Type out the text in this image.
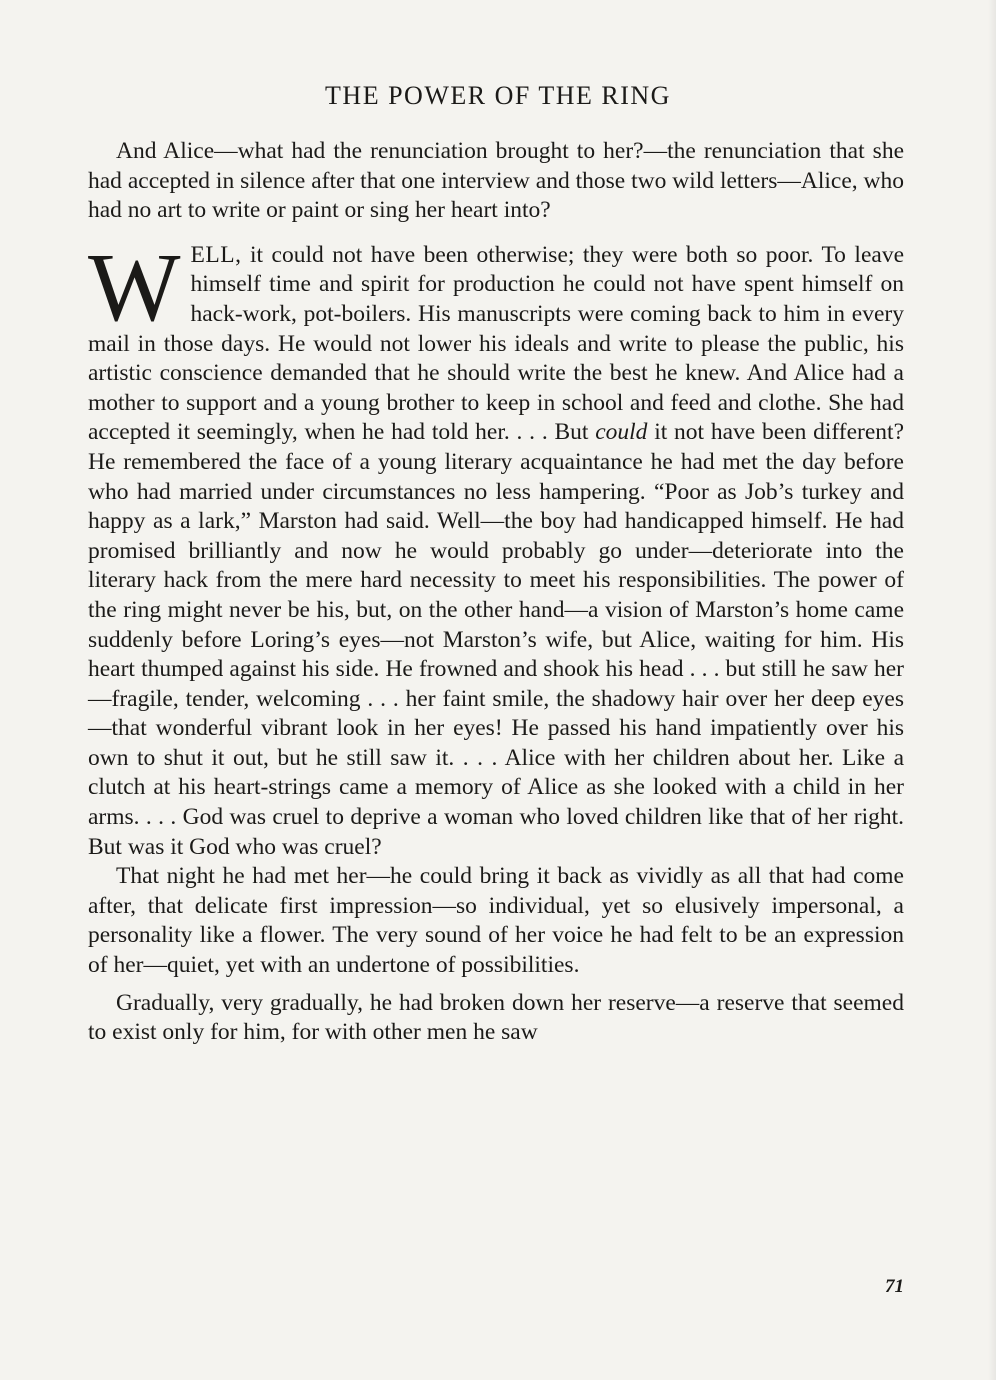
THE POWER OF THE RING

And Alice—what had the renunciation brought to her?—the renunciation that she had accepted in silence after that one interview and those two wild letters—Alice, who had no art to write or paint or sing her heart into?

WELL, it could not have been otherwise; they were both so poor. To leave himself time and spirit for production he could not have spent himself on hack-work, pot-boilers. His manuscripts were coming back to him in every mail in those days. He would not lower his ideals and write to please the public, his artistic conscience demanded that he should write the best he knew. And Alice had a mother to support and a young brother to keep in school and feed and clothe. She had accepted it seemingly, when he had told her. . . . But could it not have been different? He remembered the face of a young literary acquaintance he had met the day before who had married under circumstances no less hampering. “Poor as Job’s turkey and happy as a lark,” Marston had said. Well—the boy had handicapped himself. He had promised brilliantly and now he would probably go under—deteriorate into the literary hack from the mere hard necessity to meet his responsibilities. The power of the ring might never be his, but, on the other hand—a vision of Marston’s home came suddenly before Loring’s eyes—not Marston’s wife, but Alice, waiting for him. His heart thumped against his side. He frowned and shook his head . . . but still he saw her—fragile, tender, welcoming . . . her faint smile, the shadowy hair over her deep eyes—that wonderful vibrant look in her eyes! He passed his hand impatiently over his own to shut it out, but he still saw it. . . . Alice with her children about her. Like a clutch at his heart-strings came a memory of Alice as she looked with a child in her arms. . . . God was cruel to deprive a woman who loved children like that of her right. But was it God who was cruel?

That night he had met her—he could bring it back as vividly as all that had come after, that delicate first impression—so individual, yet so elusively impersonal, a personality like a flower. The very sound of her voice he had felt to be an expression of her—quiet, yet with an undertone of possibilities.

Gradually, very gradually, he had broken down her reserve—a reserve that seemed to exist only for him, for with other men he saw

71
